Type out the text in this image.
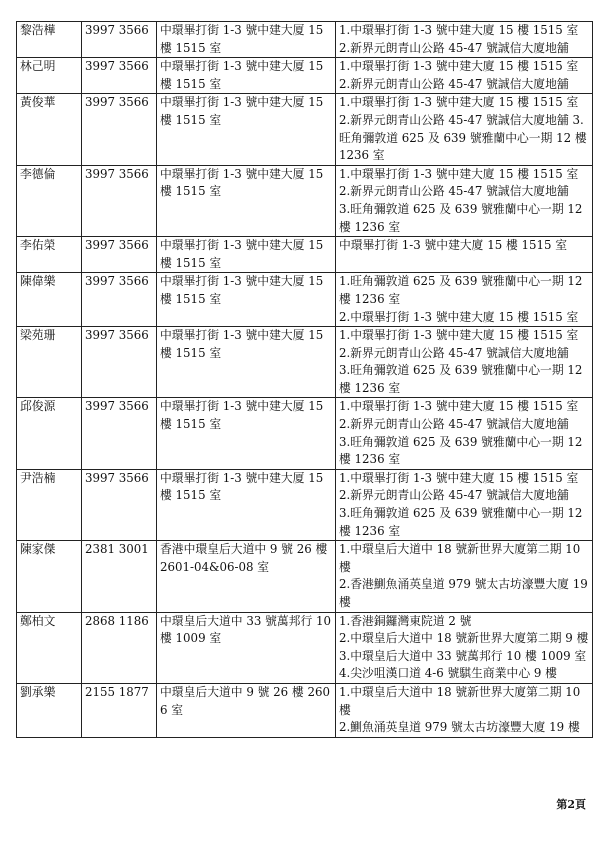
黎浩樺	3997 3566	中環畢打街 1-3 號中建大厦 15 樓 1515 室	1.中環畢打街 1-3 號中建大廈 15 樓 1515 室
2.新界元朗青山公路 45-47 號誠信大廈地舖

林己明	3997 3566	中環畢打街 1-3 號中建大厦 15 樓 1515 室	1.中環畢打街 1-3 號中建大廈 15 樓 1515 室
2.新界元朗青山公路 45-47 號誠信大廈地舖

黃俊華	3997 3566	中環畢打街 1-3 號中建大厦 15 樓 1515 室	1.中環畢打街 1-3 號中建大廈 15 樓 1515 室 2.新界元朗青山公路 45-47 號誠信大廈地舖 3.旺角彌敦道 625 及 639 號雅蘭中心一期 12 樓 1236 室

李德倫	3997 3566	中環畢打街 1-3 號中建大厦 15 樓 1515 室	1.中環畢打街 1-3 號中建大廈 15 樓 1515 室
2.新界元朗青山公路 45-47 號誠信大廈地舖
3.旺角彌敦道 625 及 639 號雅蘭中心一期 12 樓 1236 室

李佑榮	3997 3566	中環畢打街 1-3 號中建大厦 15 樓 1515 室	中環畢打街 1-3 號中建大廈 15 樓 1515 室

陳偉樂	3997 3566	中環畢打街 1-3 號中建大厦 15 樓 1515 室	1.旺角彌敦道 625 及 639 號雅蘭中心一期 12 樓 1236 室
2.中環畢打街 1-3 號中建大廈 15 樓 1515 室

梁苑珊	3997 3566	中環畢打街 1-3 號中建大厦 15 樓 1515 室	1.中環畢打街 1-3 號中建大廈 15 樓 1515 室
2.新界元朗青山公路 45-47 號誠信大廈地舖
3.旺角彌敦道 625 及 639 號雅蘭中心一期 12 樓 1236 室

邱俊源	3997 3566	中環畢打街 1-3 號中建大厦 15 樓 1515 室	1.中環畢打街 1-3 號中建大廈 15 樓 1515 室
2.新界元朗青山公路 45-47 號誠信大廈地舖
3.旺角彌敦道 625 及 639 號雅蘭中心一期 12 樓 1236 室

尹浩楠	3997 3566	中環畢打街 1-3 號中建大厦 15 樓 1515 室	1.中環畢打街 1-3 號中建大廈 15 樓 1515 室
2.新界元朗青山公路 45-47 號誠信大廈地舖
3.旺角彌敦道 625 及 639 號雅蘭中心一期 12 樓 1236 室

陳家傑	2381 3001	香港中環皇后大道中 9 號 26 樓 2601-04&06-08 室	1.中環皇后大道中 18 號新世界大廈第二期 10 樓
2.香港鰂魚涌英皇道 979 號太古坊濠豐大廈 19 樓

鄭柏文	2868 1186	中環皇后大道中 33 號萬邦行 10 樓 1009 室	1.香港銅鑼灣東院道 2 號
2.中環皇后大道中 18 號新世界大廈第二期 9 樓
3.中環皇后大道中 33 號萬邦行 10 樓 1009 室
4.尖沙咀漢口道 4-6 號騏生商業中心 9 樓

劉承樂	2155 1877	中環皇后大道中 9 號 26 樓 2606 室	1.中環皇后大道中 18 號新世界大廈第二期 10 樓
2.鰂魚涌英皇道 979 號太古坊濠豐大廈 19 樓
第2頁
